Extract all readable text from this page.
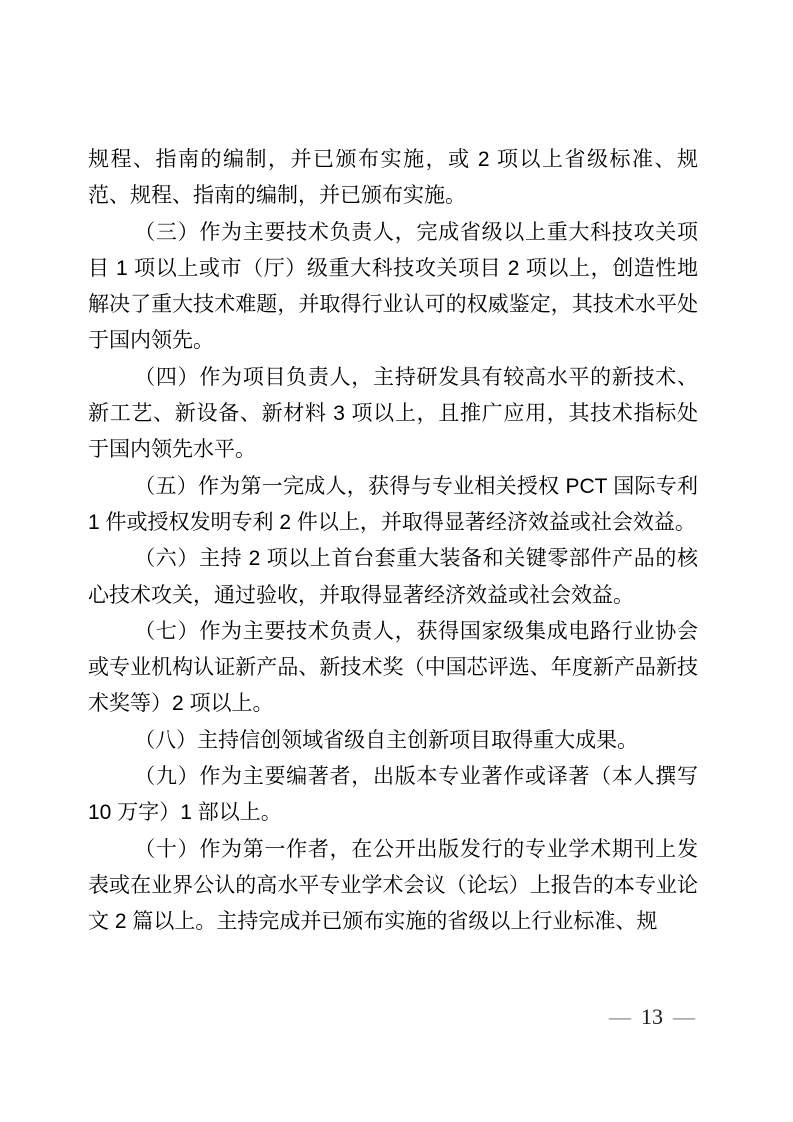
规程、指南的编制，并已颁布实施，或 2 项以上省级标准、规范、规程、指南的编制，并已颁布实施。

（三）作为主要技术负责人，完成省级以上重大科技攻关项目 1 项以上或市（厅）级重大科技攻关项目 2 项以上，创造性地解决了重大技术难题，并取得行业认可的权威鉴定，其技术水平处于国内领先。

（四）作为项目负责人，主持研发具有较高水平的新技术、新工艺、新设备、新材料 3 项以上，且推广应用，其技术指标处于国内领先水平。

（五）作为第一完成人，获得与专业相关授权 PCT 国际专利 1 件或授权发明专利 2 件以上，并取得显著经济效益或社会效益。

（六）主持 2 项以上首台套重大装备和关键零部件产品的核心技术攻关，通过验收，并取得显著经济效益或社会效益。

（七）作为主要技术负责人，获得国家级集成电路行业协会或专业机构认证新产品、新技术奖（中国芯评选、年度新产品新技术奖等）2 项以上。

（八）主持信创领域省级自主创新项目取得重大成果。

（九）作为主要编著者，出版本专业著作或译著（本人撰写 10 万字）1 部以上。

（十）作为第一作者，在公开出版发行的专业学术期刊上发表或在业界公认的高水平专业学术会议（论坛）上报告的本专业论文 2 篇以上。主持完成并已颁布实施的省级以上行业标准、规

— 13 —
